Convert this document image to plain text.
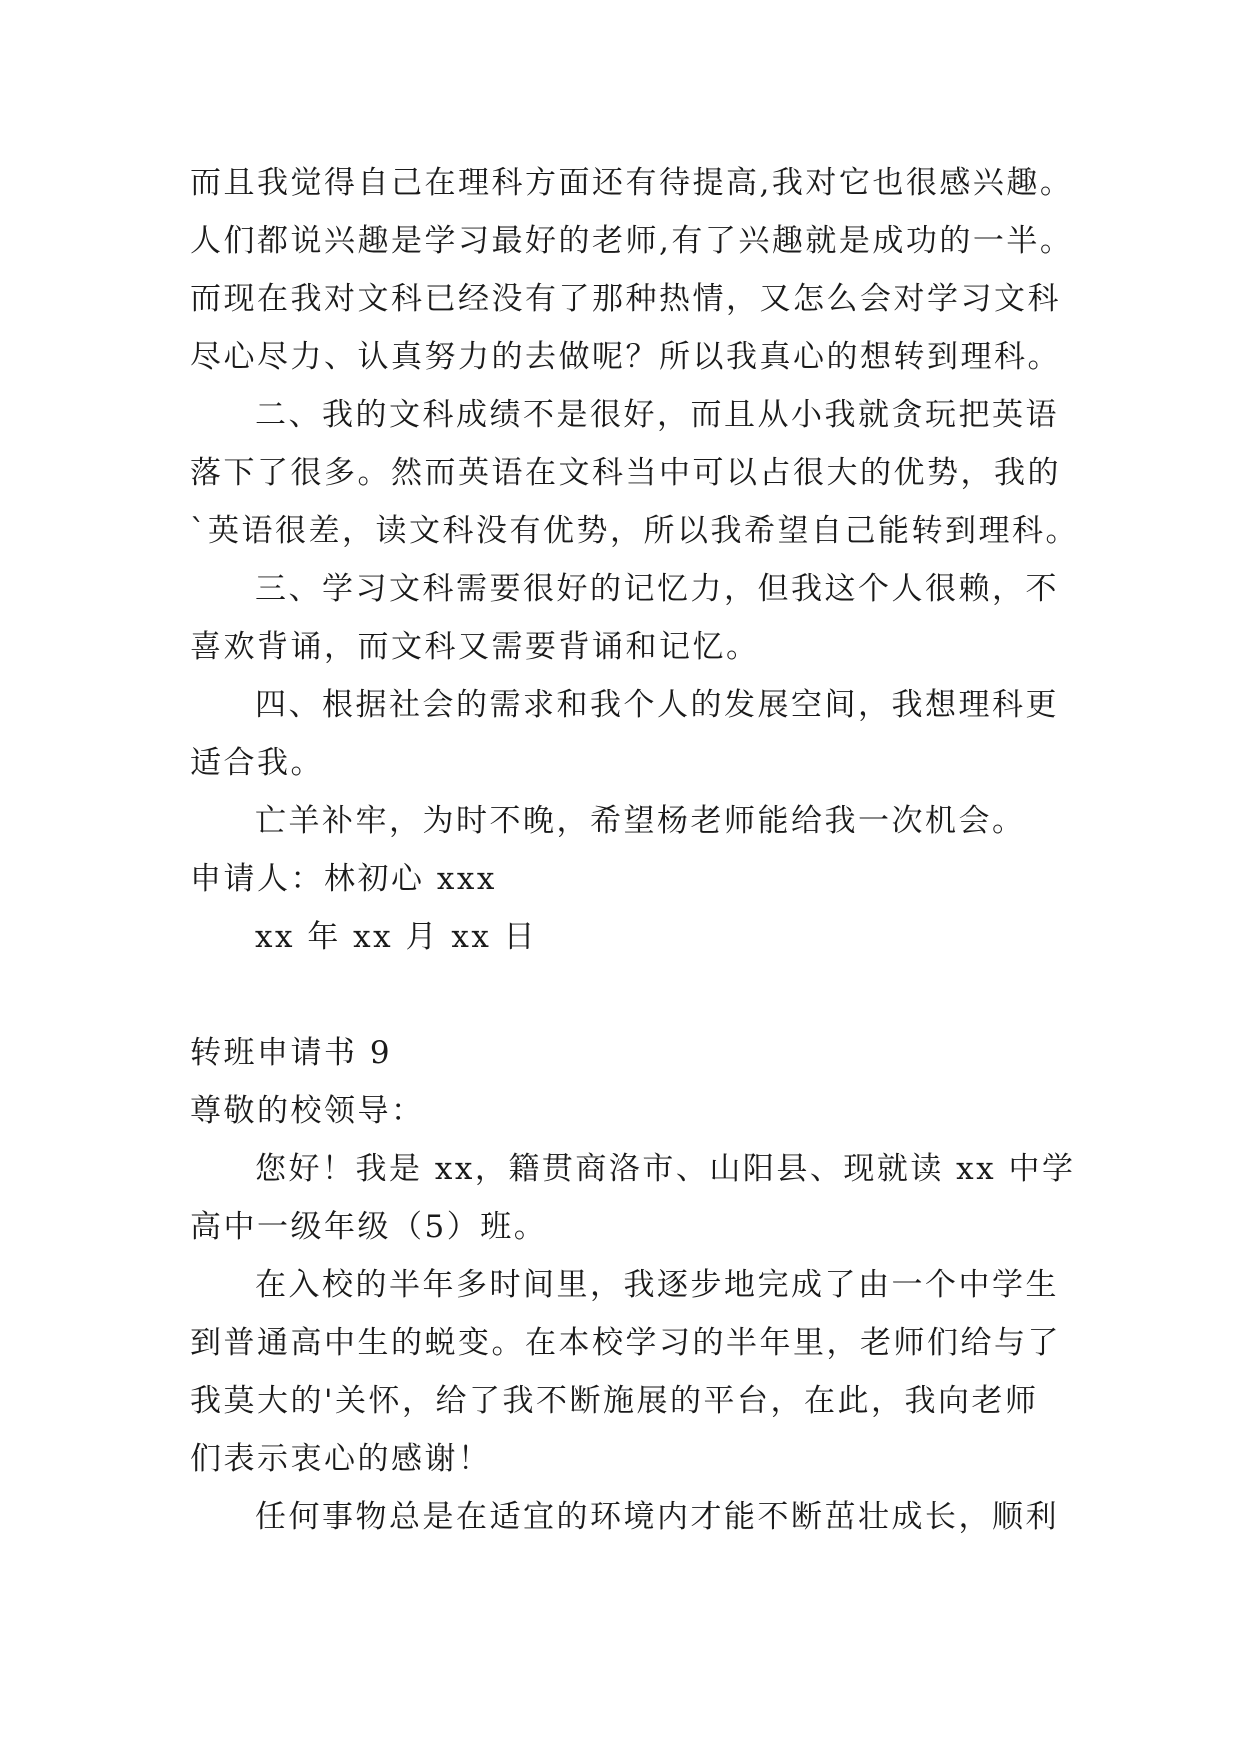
而且我觉得自己在理科方面还有待提高,我对它也很感兴趣。
人们都说兴趣是学习最好的老师,有了兴趣就是成功的一半。
而现在我对文科已经没有了那种热情，又怎么会对学习文科
尽心尽力、认真努力的去做呢？所以我真心的想转到理科。
二、我的文科成绩不是很好，而且从小我就贪玩把英语
落下了很多。然而英语在文科当中可以占很大的优势，我的
`英语很差，读文科没有优势，所以我希望自己能转到理科。
三、学习文科需要很好的记忆力，但我这个人很赖，不
喜欢背诵，而文科又需要背诵和记忆。
四、根据社会的需求和我个人的发展空间，我想理科更
适合我。
亡羊补牢，为时不晚，希望杨老师能给我一次机会。
申请人：林初心 xxx
xx 年 xx 月 xx 日
转班申请书 9
尊敬的校领导：
您好！我是 xx，籍贯商洛市、山阳县、现就读 xx 中学
高中一级年级（5）班。
在入校的半年多时间里，我逐步地完成了由一个中学生
到普通高中生的蜕变。在本校学习的半年里，老师们给与了
我莫大的'关怀，给了我不断施展的平台，在此，我向老师
们表示衷心的感谢！
任何事物总是在适宜的环境内才能不断茁壮成长，顺利
